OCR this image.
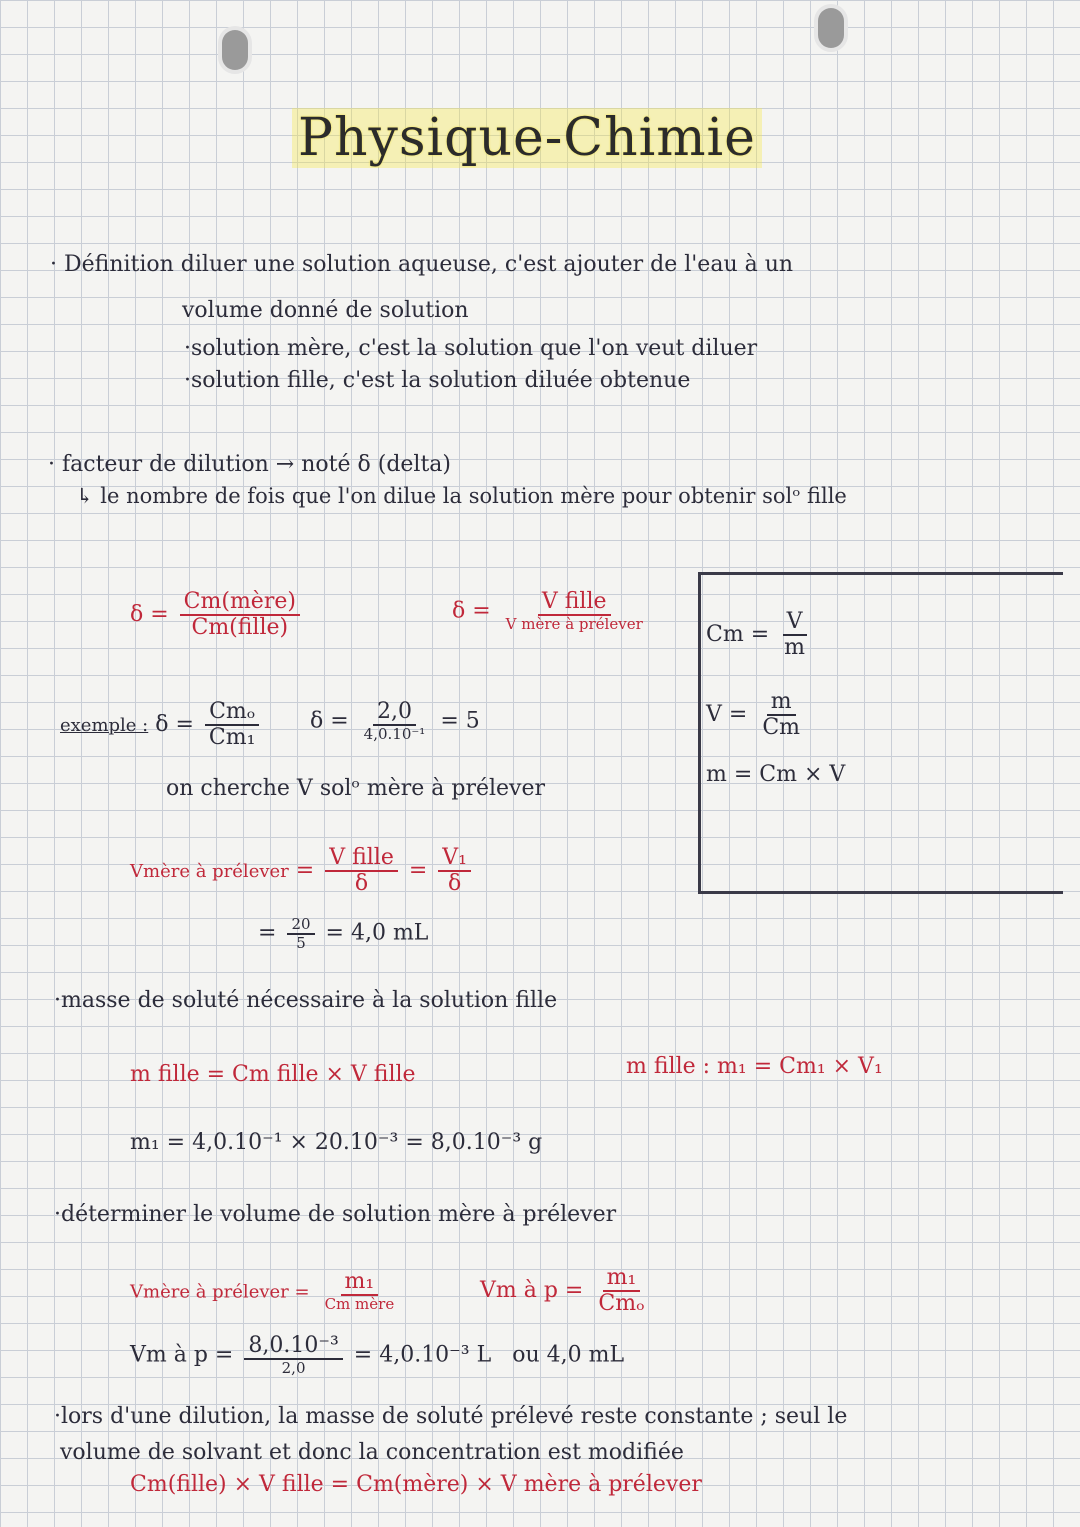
Physique-Chimie
· Définition diluer une solution aqueuse, c'est ajouter de l'eau à un
volume donné de solution
·solution mère, c'est la solution que l'on veut diluer
·solution fille, c'est la solution diluée obtenue
· facteur de dilution → noté δ (delta)
↳ le nombre de fois que l'on dilue la solution mère pour obtenir solᵒ fille
$\delta = \frac{\text{Cm(mère)}}{\text{Cm(fille)}}$	$\delta = \frac{\text{V fille}}{\text{V mère à prélever}}$
$Cm = \frac{V}{m}$
$V = \frac{m}{Cm}$
m = Cm × V
exemple : $\delta = \frac{\text{Cmₒ}}{\text{Cm₁}}$ $\delta = \frac{2,0}{\text{4,0.10⁻¹}} = 5$
on cherche V solᵒ mère à prélever
Vmère à prélever = $\frac{\text{V fille}}{\delta} = \frac{\text{V₁}}{\delta}$
= $\frac{20}{5} = 4,0$ mL
·masse de soluté nécessaire à la solution fille
m fille = Cm fille × V fille	m fille : m₁ = Cm₁ × V₁
m₁ = 4,0.10⁻¹ × 20.10⁻³ = 8,0.10⁻³ g
·déterminer le volume de solution mère à prélever
Vmère à prélever = $\frac{\text{m₁}}{\text{Cm mère}}$	Vm à $p = \frac{\text{m₁}}{\text{Cmₒ}}$
Vm à $p = \frac{\text{8,0.10⁻³}}{2,0} = 4,0.10^{-3}$ L   ou 4,0 mL
·lors d'une dilution, la masse de soluté prélevé reste constante ; seul le
volume de solvant et donc la concentration est modifiée
Cm(fille) × V fille = Cm(mère) × V mère à prélever
